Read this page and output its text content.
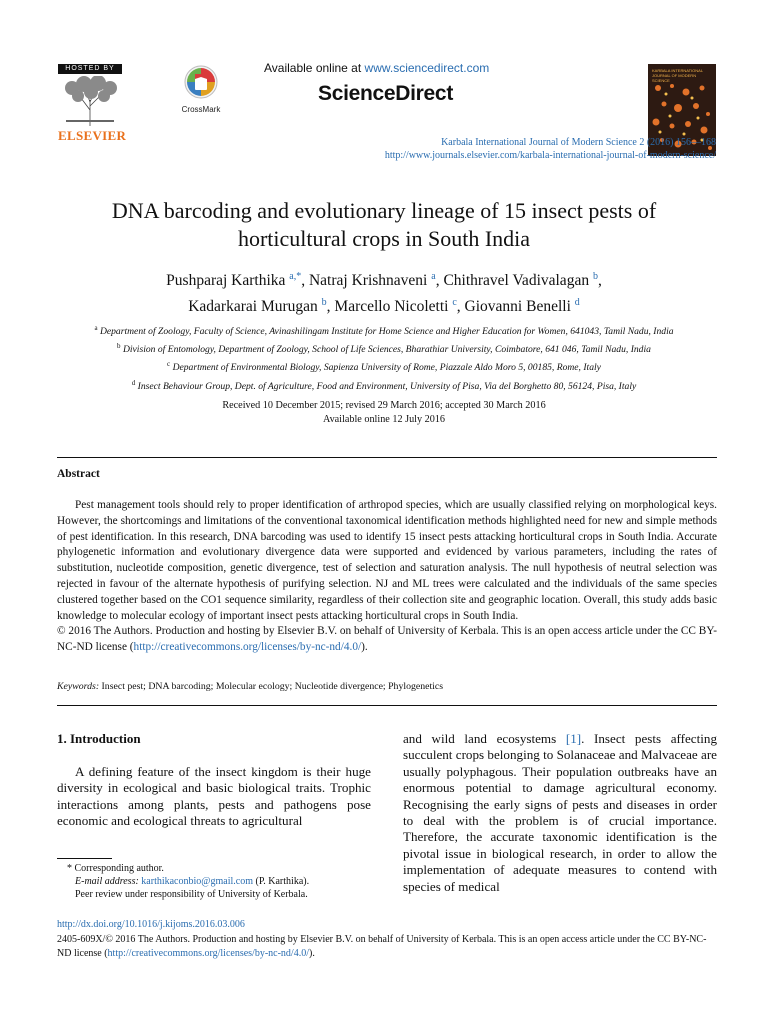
HOSTED BY
ELSEVIER
CrossMark
Available online at www.sciencedirect.com
ScienceDirect
KARBALA INTERNATIONAL JOURNAL OF MODERN SCIENCE
Karbala International Journal of Modern Science 2 (2016) 156—168
http://www.journals.elsevier.com/karbala-international-journal-of-modern-science/
DNA barcoding and evolutionary lineage of 15 insect pests of
horticultural crops in South India
Pushparaj Karthika $^{a,*}$, Natraj Krishnaveni $^a$, Chithravel Vadivalagan $^b$,
Kadarkarai Murugan $^b$, Marcello Nicoletti $^c$, Giovanni Benelli $^d$
$^a$ Department of Zoology, Faculty of Science, Avinashilingam Institute for Home Science and Higher Education for Women, 641043, Tamil Nadu, India
$^b$ Division of Entomology, Department of Zoology, School of Life Sciences, Bharathiar University, Coimbatore, 641 046, Tamil Nadu, India
$^c$ Department of Environmental Biology, Sapienza University of Rome, Piazzale Aldo Moro 5, 00185, Rome, Italy
$^d$ Insect Behaviour Group, Dept. of Agriculture, Food and Environment, University of Pisa, Via del Borghetto 80, 56124, Pisa, Italy
Received 10 December 2015; revised 29 March 2016; accepted 30 March 2016
Available online 12 July 2016
Abstract

Pest management tools should rely to proper identification of arthropod species, which are usually classified relying on morphological keys. However, the shortcomings and limitations of the conventional taxonomical identification methods highlighted need for new and simple methods of pest identification. In this research, DNA barcoding was used to identify 15 insect pests attacking horticultural crops in South India. Accurate phylogenetic information and evolutionary divergence data were supported and evidenced by various parameters, including the rates of substitution, nucleotide composition, genetic divergence, test of selection and saturation analysis. The null hypothesis of neutral selection was rejected in favour of the alternate hypothesis of purifying selection. NJ and ML trees were calculated and the individuals of the same species clustered together based on the CO1 sequence similarity, regardless of their collection site and geographic location. Overall, this study adds basic knowledge to molecular ecology of important insect pests attacking horticultural crops in South India.

© 2016 The Authors. Production and hosting by Elsevier B.V. on behalf of University of Kerbala. This is an open access article under the CC BY-NC-ND license (http://creativecommons.org/licenses/by-nc-nd/4.0/).

Keywords: Insect pest; DNA barcoding; Molecular ecology; Nucleotide divergence; Phylogenetics
1. Introduction

A defining feature of the insect kingdom is their huge diversity in ecological and basic biological traits. Trophic interactions among plants, pests and pathogens pose economic and ecological threats to agricultural

and wild land ecosystems [1]. Insect pests affecting succulent crops belonging to Solanaceae and Malvaceae are usually polyphagous. Their population outbreaks have an enormous potential to damage agricultural economy. Recognising the early signs of pests and diseases in order to deal with the problem is of crucial importance. Therefore, the accurate taxonomic identification is the pivotal issue in biological research, in order to allow the implementation of adequate measures to contend with species of medical

* Corresponding author.
E-mail address: karthikaconbio@gmail.com (P. Karthika).
Peer review under responsibility of University of Kerbala.
http://dx.doi.org/10.1016/j.kijoms.2016.03.006
2405-609X/© 2016 The Authors. Production and hosting by Elsevier B.V. on behalf of University of Kerbala. This is an open access article under the CC BY-NC-ND license (http://creativecommons.org/licenses/by-nc-nd/4.0/).
